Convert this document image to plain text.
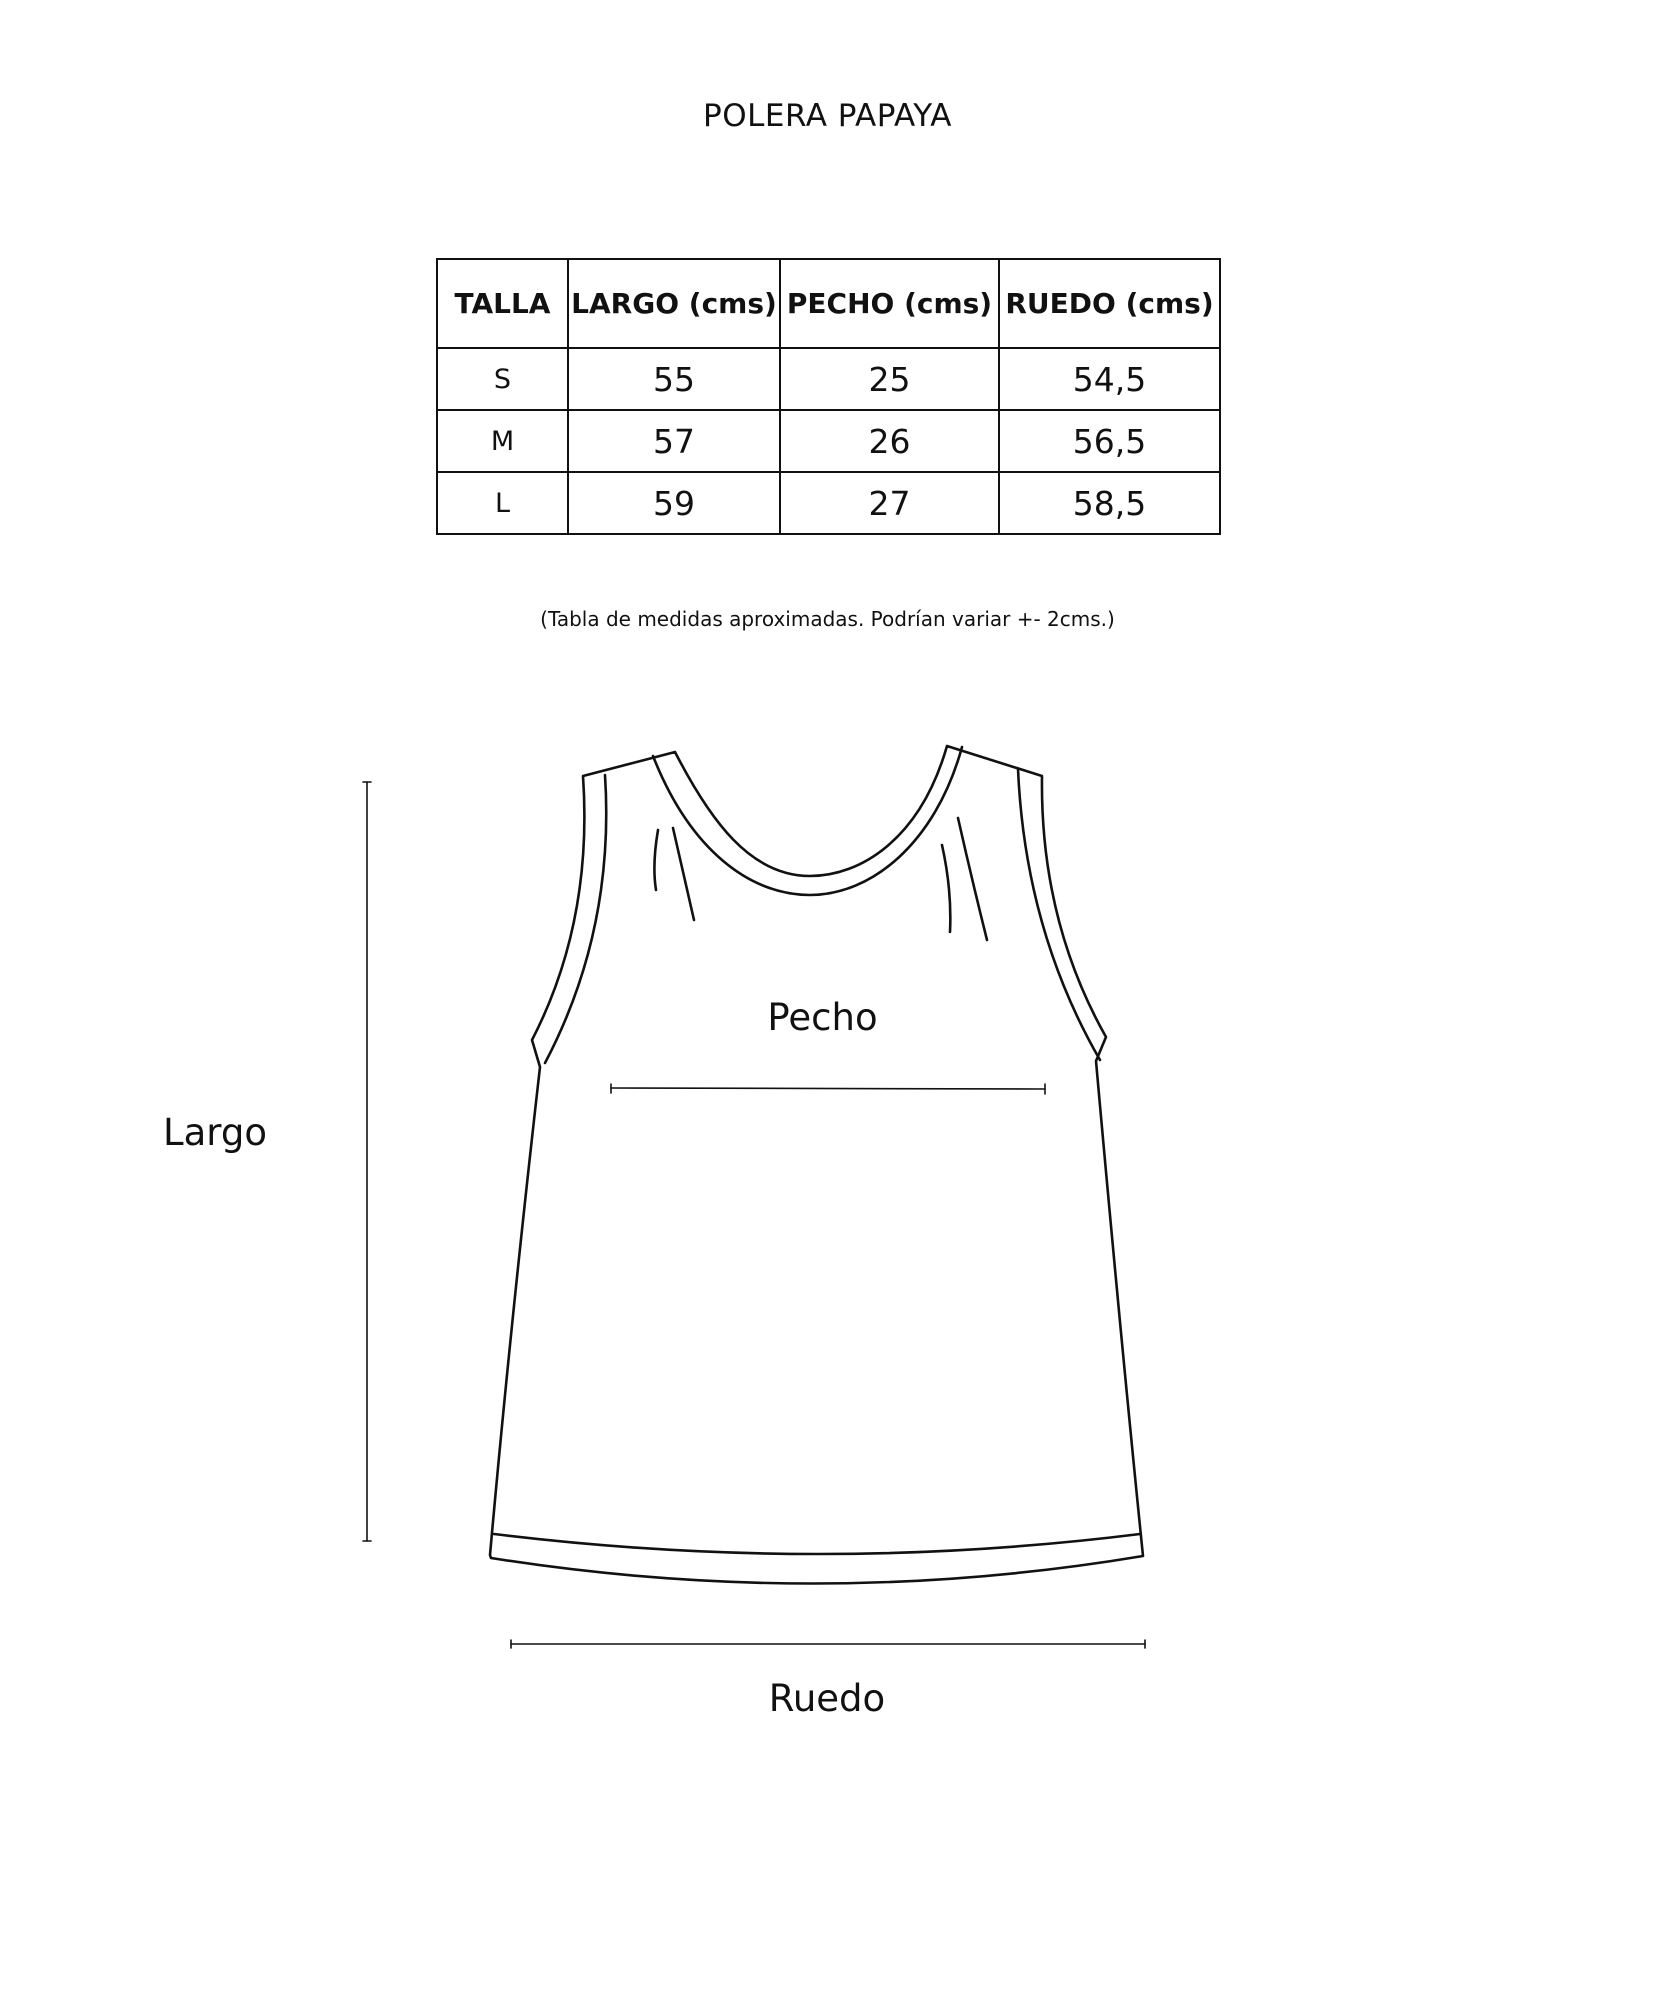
POLERA PAPAYA
TALLA	LARGO (cms)	PECHO (cms)	RUEDO (cms)
S	55	25	54,5
M	57	26	56,5
L	59	27	58,5
(Tabla de medidas aproximadas. Podrían variar +- 2cms.)
Pecho
Largo
Ruedo
